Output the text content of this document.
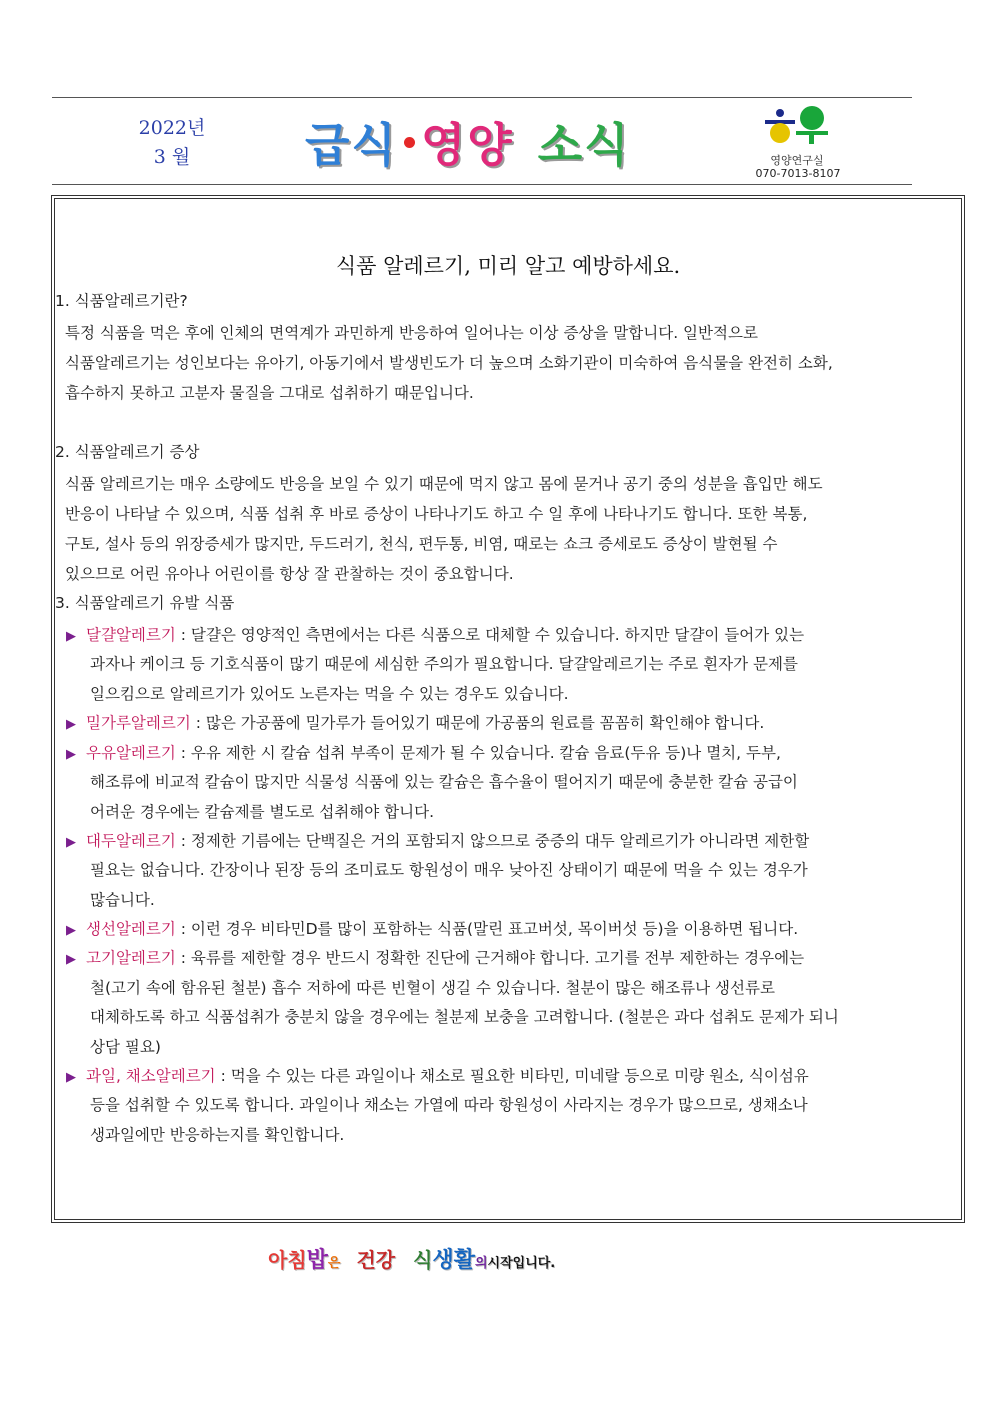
2022년
3 월	급식 영양 소식	영양연구실
070-7013-8107
식품 알레르기, 미리 알고 예방하세요.
1. 식품알레르기란?
특정 식품을 먹은 후에 인체의 면역계가 과민하게 반응하여 일어나는 이상 증상을 말합니다. 일반적으로
식품알레르기는 성인보다는 유아기, 아동기에서 발생빈도가 더 높으며 소화기관이 미숙하여 음식물을 완전히 소화,
흡수하지 못하고 고분자 물질을 그대로 섭취하기 때문입니다.
2. 식품알레르기 증상
식품 알레르기는 매우 소량에도 반응을 보일 수 있기 때문에 먹지 않고 몸에 묻거나 공기 중의 성분을 흡입만 해도
반응이 나타날 수 있으며, 식품 섭취 후 바로 증상이 나타나기도 하고 수 일 후에 나타나기도 합니다. 또한 복통,
구토, 설사 등의 위장증세가 많지만, 두드러기, 천식, 편두통, 비염, 때로는 쇼크 증세로도 증상이 발현될 수
있으므로 어린 유아나 어린이를 항상 잘 관찰하는 것이 중요합니다.
3. 식품알레르기 유발 식품
▶ 달걀알레르기 : 달걀은 영양적인 측면에서는 다른 식품으로 대체할 수 있습니다. 하지만 달걀이 들어가 있는
과자나 케이크 등 기호식품이 많기 때문에 세심한 주의가 필요합니다. 달걀알레르기는 주로 흰자가 문제를
일으킴으로 알레르기가 있어도 노른자는 먹을 수 있는 경우도 있습니다.
▶ 밀가루알레르기 : 많은 가공품에 밀가루가 들어있기 때문에 가공품의 원료를 꼼꼼히 확인해야 합니다.
▶ 우유알레르기 : 우유 제한 시 칼슘 섭취 부족이 문제가 될 수 있습니다. 칼슘 음료(두유 등)나 멸치, 두부,
해조류에 비교적 칼슘이 많지만 식물성 식품에 있는 칼슘은 흡수율이 떨어지기 때문에 충분한 칼슘 공급이
어려운 경우에는 칼슘제를 별도로 섭취해야 합니다.
▶ 대두알레르기 : 정제한 기름에는 단백질은 거의 포함되지 않으므로 중증의 대두 알레르기가 아니라면 제한할
필요는 없습니다. 간장이나 된장 등의 조미료도 항원성이 매우 낮아진 상태이기 때문에 먹을 수 있는 경우가
많습니다.
▶ 생선알레르기 : 이런 경우 비타민D를 많이 포함하는 식품(말린 표고버섯, 목이버섯 등)을 이용하면 됩니다.
▶ 고기알레르기 : 육류를 제한할 경우 반드시 정확한 진단에 근거해야 합니다. 고기를 전부 제한하는 경우에는
철(고기 속에 함유된 철분) 흡수 저하에 따른 빈혈이 생길 수 있습니다. 철분이 많은 해조류나 생선류로
대체하도록 하고 식품섭취가 충분치 않을 경우에는 철분제 보충을 고려합니다. (철분은 과다 섭취도 문제가 되니
상담 필요)
▶ 과일, 채소알레르기 : 먹을 수 있는 다른 과일이나 채소로 필요한 비타민, 미네랄 등으로 미량 원소, 식이섬유
등을 섭취할 수 있도록 합니다. 과일이나 채소는 가열에 따라 항원성이 사라지는 경우가 많으므로, 생채소나
생과일에만 반응하는지를 확인합니다.
아침 밥 은 건강 식 생활 의 시작입니다.
